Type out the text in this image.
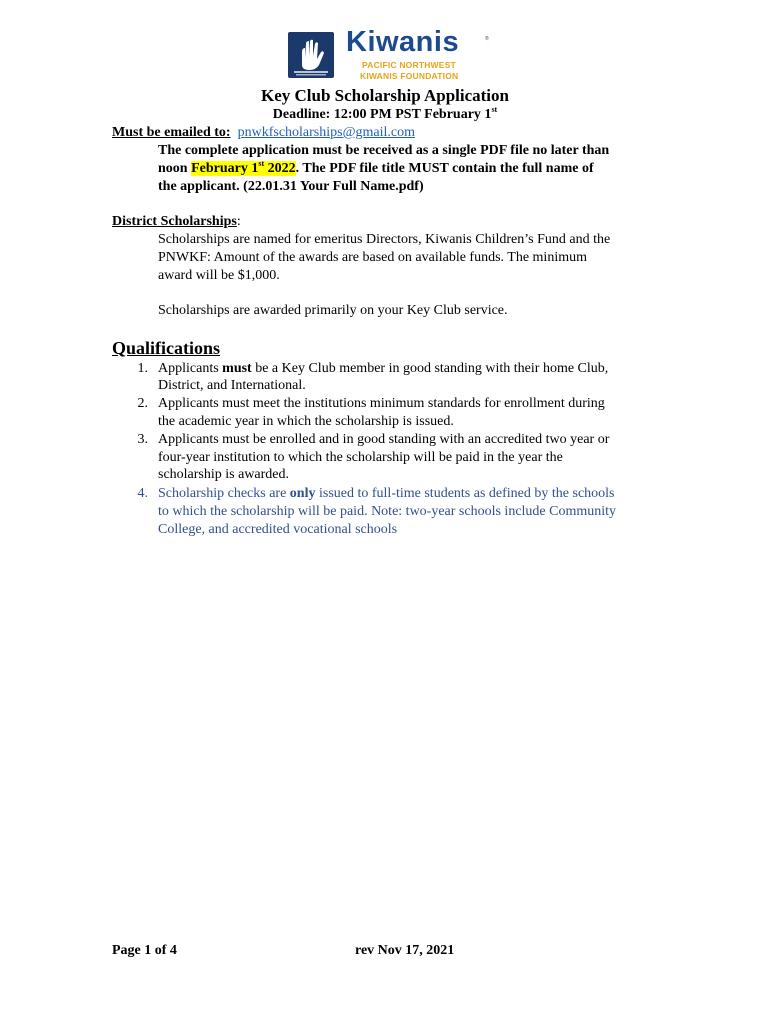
Kiwanis	®
PACIFIC NORTHWEST
KIWANIS FOUNDATION
Key Club Scholarship Application
Deadline: 12:00 PM PST February 1st
Must be emailed to: pnwkfscholarships@gmail.com
The complete application must be received as a single PDF file no later than
noon February 1st 2022. The PDF file title MUST contain the full name of
the applicant. (22.01.31 Your Full Name.pdf)
District Scholarships:
Scholarships are named for emeritus Directors, Kiwanis Children’s Fund and the
PNWKF: Amount of the awards are based on available funds. The minimum
award will be $1,000.
Scholarships are awarded primarily on your Key Club service.
Qualifications
1. Applicants must be a Key Club member in good standing with their home Club,
District, and International.
2. Applicants must meet the institutions minimum standards for enrollment during
the academic year in which the scholarship is issued.
3. Applicants must be enrolled and in good standing with an accredited two year or
four-year institution to which the scholarship will be paid in the year the
scholarship is awarded.
4. Scholarship checks are only issued to full-time students as defined by the schools
to which the scholarship will be paid. Note: two-year schools include Community
College, and accredited vocational schools
Page 1 of 4	rev Nov 17, 2021
